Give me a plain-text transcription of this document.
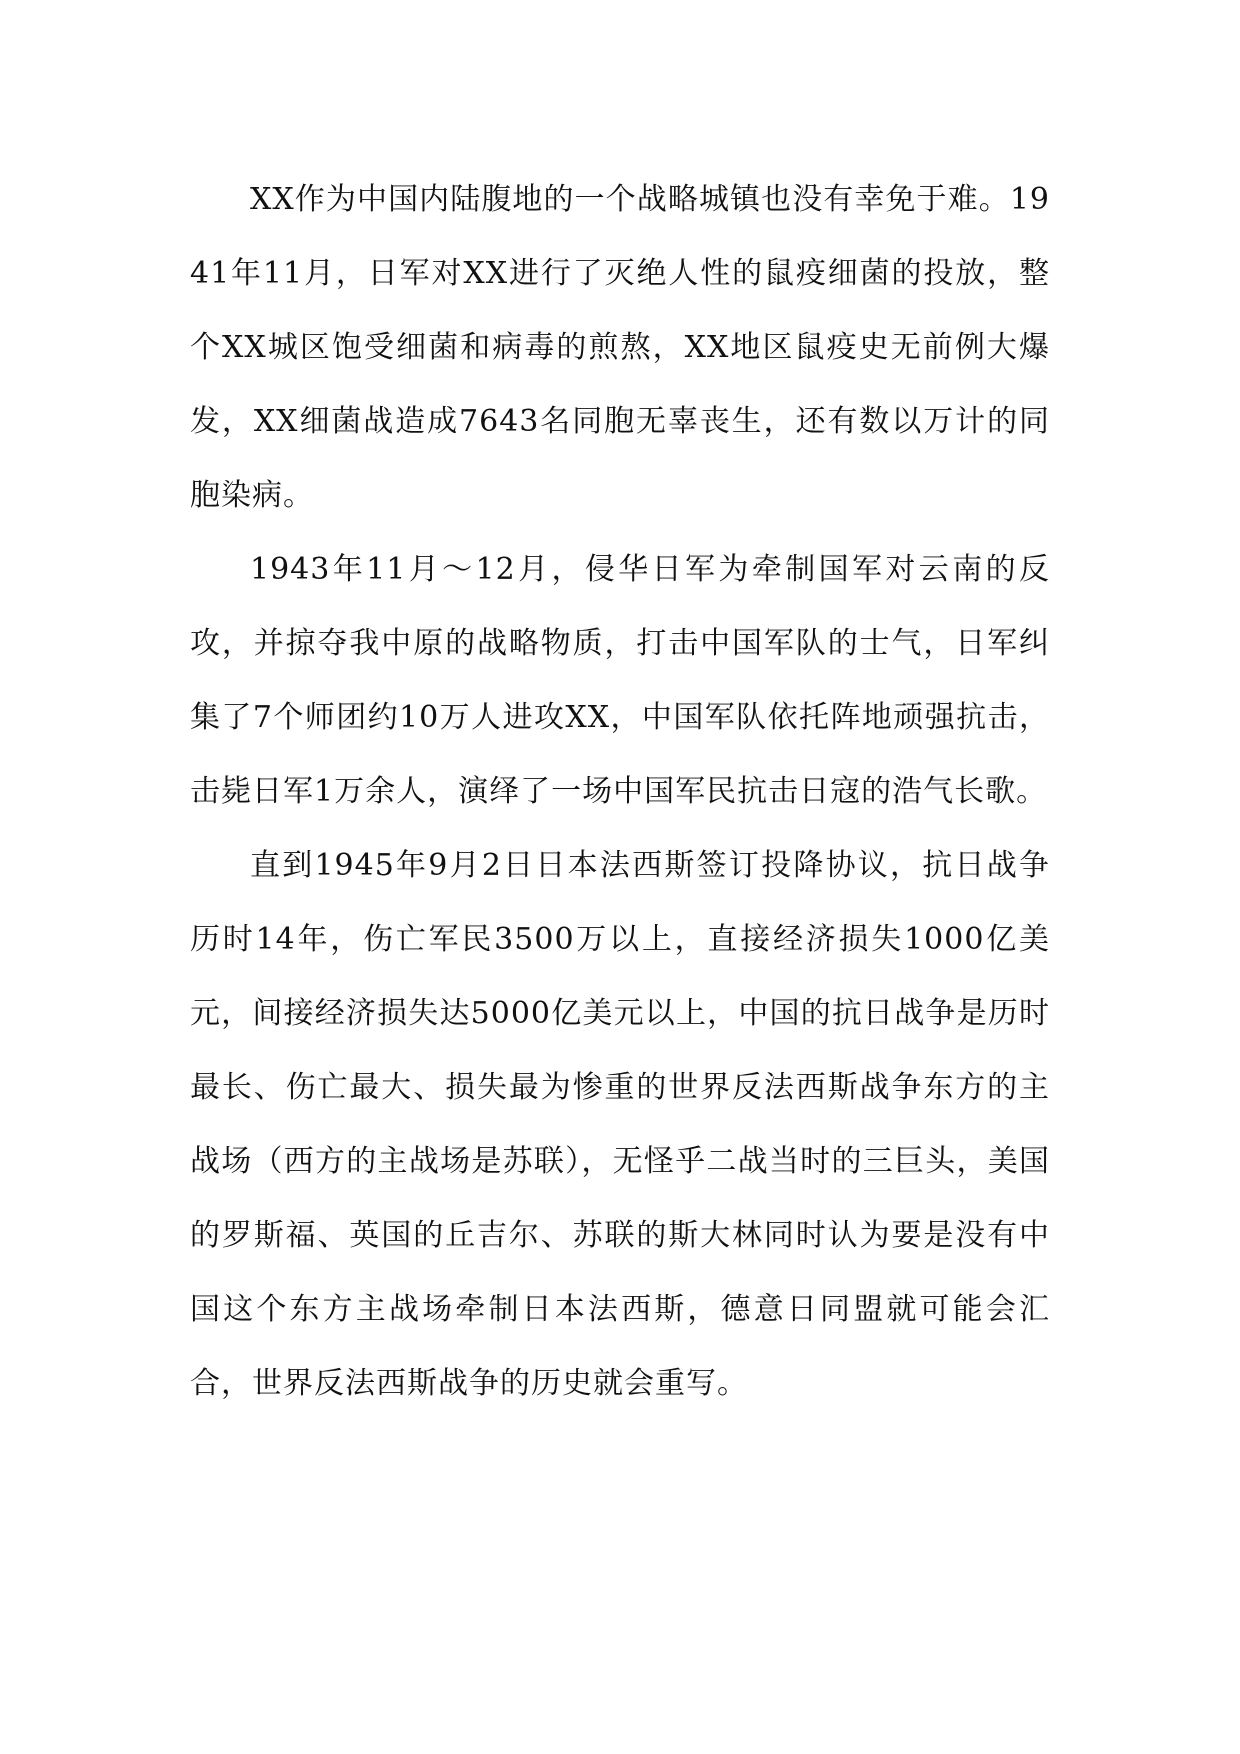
XX作为中国内陆腹地的一个战略城镇也没有幸免于难。1941年11月，日军对XX进行了灭绝人性的鼠疫细菌的投放，整个XX城区饱受细菌和病毒的煎熬，XX地区鼠疫史无前例大爆发，XX细菌战造成7643名同胞无辜丧生，还有数以万计的同胞染病。

1943年11月～12月，侵华日军为牵制国军对云南的反攻，并掠夺我中原的战略物质，打击中国军队的士气，日军纠集了7个师团约10万人进攻XX，中国军队依托阵地顽强抗击，击毙日军1万余人，演绎了一场中国军民抗击日寇的浩气长歌。

直到1945年9月2日日本法西斯签订投降协议，抗日战争历时14年，伤亡军民3500万以上，直接经济损失1000亿美元，间接经济损失达5000亿美元以上，中国的抗日战争是历时最长、伤亡最大、损失最为惨重的世界反法西斯战争东方的主战场（西方的主战场是苏联），无怪乎二战当时的三巨头，美国的罗斯福、英国的丘吉尔、苏联的斯大林同时认为要是没有中国这个东方主战场牵制日本法西斯，德意日同盟就可能会汇合，世界反法西斯战争的历史就会重写。
